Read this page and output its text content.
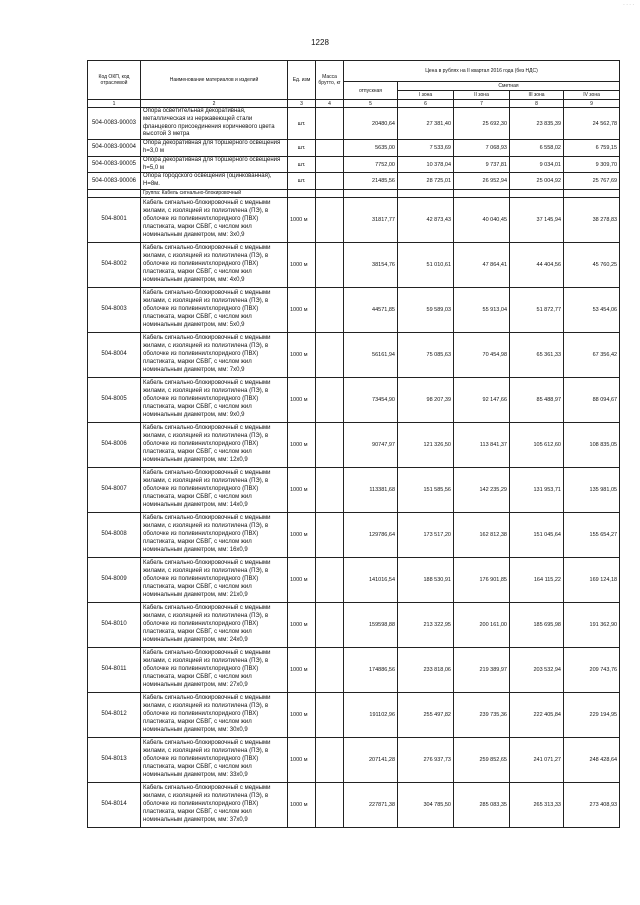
· · · ·
1228
Код ОКП, код отраслевой	Наименование материалов и изделий	Ед. изм	Масса брутто, кг	Цена в рублях на II квартал 2016 года (без НДС)				
				отпускная	Сметная			
					I зона	II зона	III зона	IV зона
1	2	3	4	5	6	7	8	9
504-0083-90003	Опора осветительная декоративная, металлическая из нержавеющей стали фланцевого присоединения коричневого цвета высотой 3 метра	шт.		20480,64	27 381,40	25 692,30	23 835,39	24 562,78
504-0083-90004	Опора декоративная для торшерного освещения h=3,0 м	шт.		5635,00	7 533,69	7 068,93	6 558,02	6 759,15
504-0083-90005	Опора декоративная для торшерного освещения h=5,0 м	шт.		7752,00	10 378,04	9 737,81	9 034,01	9 309,70
504-0083-90006	Опора городского освещения (оцинкованная), Н=8м.	шт.		21485,56	28 725,01	26 952,94	25 004,92	25 767,69
	Группа: Кабель сигнально-блокировочный							
504-8001	Кабель сигнально-блокировочный с медными жилами, с изоляцией из полиэтилена (ПЭ), в оболочке из поливинилхлоридного (ПВХ) пластиката, марки СБВГ, с числом жил номинальным диаметром, мм: 3х0,9	1000 м		31817,77	42 873,43	40 040,45	37 145,94	38 278,83
504-8002	Кабель сигнально-блокировочный с медными жилами, с изоляцией из полиэтилена (ПЭ), в оболочке из поливинилхлоридного (ПВХ) пластиката, марки СБВГ, с числом жил номинальным диаметром, мм: 4х0,9	1000 м		38154,76	51 010,61	47 864,41	44 404,56	45 760,25
504-8003	Кабель сигнально-блокировочный с медными жилами, с изоляцией из полиэтилена (ПЭ), в оболочке из поливинилхлоридного (ПВХ) пластиката, марки СБВГ, с числом жил номинальным диаметром, мм: 5х0,9	1000 м		44571,85	59 589,03	55 913,04	51 872,77	53 454,06
504-8004	Кабель сигнально-блокировочный с медными жилами, с изоляцией из полиэтилена (ПЭ), в оболочке из поливинилхлоридного (ПВХ) пластиката, марки СБВГ, с числом жил номинальным диаметром, мм: 7х0,9	1000 м		56161,94	75 085,63	70 454,98	65 361,33	67 356,42
504-8005	Кабель сигнально-блокировочный с медными жилами, с изоляцией из полиэтилена (ПЭ), в оболочке из поливинилхлоридного (ПВХ) пластиката, марки СБВГ, с числом жил номинальным диаметром, мм: 9х0,9	1000 м		73454,90	98 207,39	92 147,66	85 488,97	88 094,67
504-8006	Кабель сигнально-блокировочный с медными жилами, с изоляцией из полиэтилена (ПЭ), в оболочке из поливинилхлоридного (ПВХ) пластиката, марки СБВГ, с числом жил номинальным диаметром, мм: 12х0,9	1000 м		90747,97	121 326,50	113 841,37	105 612,60	108 835,05
504-8007	Кабель сигнально-блокировочный с медными жилами, с изоляцией из полиэтилена (ПЭ), в оболочке из поливинилхлоридного (ПВХ) пластиката, марки СБВГ, с числом жил номинальным диаметром, мм: 14х0,9	1000 м		113381,68	151 585,56	142 235,29	131 953,71	135 981,05
504-8008	Кабель сигнально-блокировочный с медными жилами, с изоляцией из полиэтилена (ПЭ), в оболочке из поливинилхлоридного (ПВХ) пластиката, марки СБВГ, с числом жил номинальным диаметром, мм: 16х0,9	1000 м		129786,64	173 517,20	162 812,38	151 045,64	155 654,27
504-8009	Кабель сигнально-блокировочный с медными жилами, с изоляцией из полиэтилена (ПЭ), в оболочке из поливинилхлоридного (ПВХ) пластиката, марки СБВГ, с числом жил номинальным диаметром, мм: 21х0,9	1000 м		141016,54	188 530,91	176 901,85	164 115,22	169 124,18
504-8010	Кабель сигнально-блокировочный с медными жилами, с изоляцией из полиэтилена (ПЭ), в оболочке из поливинилхлоридного (ПВХ) пластиката, марки СБВГ, с числом жил номинальным диаметром, мм: 24х0,9	1000 м		159598,88	213 322,95	200 161,00	185 695,98	191 362,90
504-8011	Кабель сигнально-блокировочный с медными жилами, с изоляцией из полиэтилена (ПЭ), в оболочке из поливинилхлоридного (ПВХ) пластиката, марки СБВГ, с числом жил номинальным диаметром, мм: 27х0,9	1000 м		174886,56	233 818,06	219 389,97	203 532,94	209 743,76
504-8012	Кабель сигнально-блокировочный с медными жилами, с изоляцией из полиэтилена (ПЭ), в оболочке из поливинилхлоридного (ПВХ) пластиката, марки СБВГ, с числом жил номинальным диаметром, мм: 30х0,9	1000 м		191102,96	255 497,82	239 735,36	222 405,84	229 194,95
504-8013	Кабель сигнально-блокировочный с медными жилами, с изоляцией из полиэтилена (ПЭ), в оболочке из поливинилхлоридного (ПВХ) пластиката, марки СБВГ, с числом жил номинальным диаметром, мм: 33х0,9	1000 м		207141,28	276 937,73	259 852,65	241 071,27	248 428,64
504-8014	Кабель сигнально-блокировочный с медными жилами, с изоляцией из полиэтилена (ПЭ), в оболочке из поливинилхлоридного (ПВХ) пластиката, марки СБВГ, с числом жил номинальным диаметром, мм: 37х0,9	1000 м		227871,38	304 785,50	285 083,35	265 313,33	273 408,93
